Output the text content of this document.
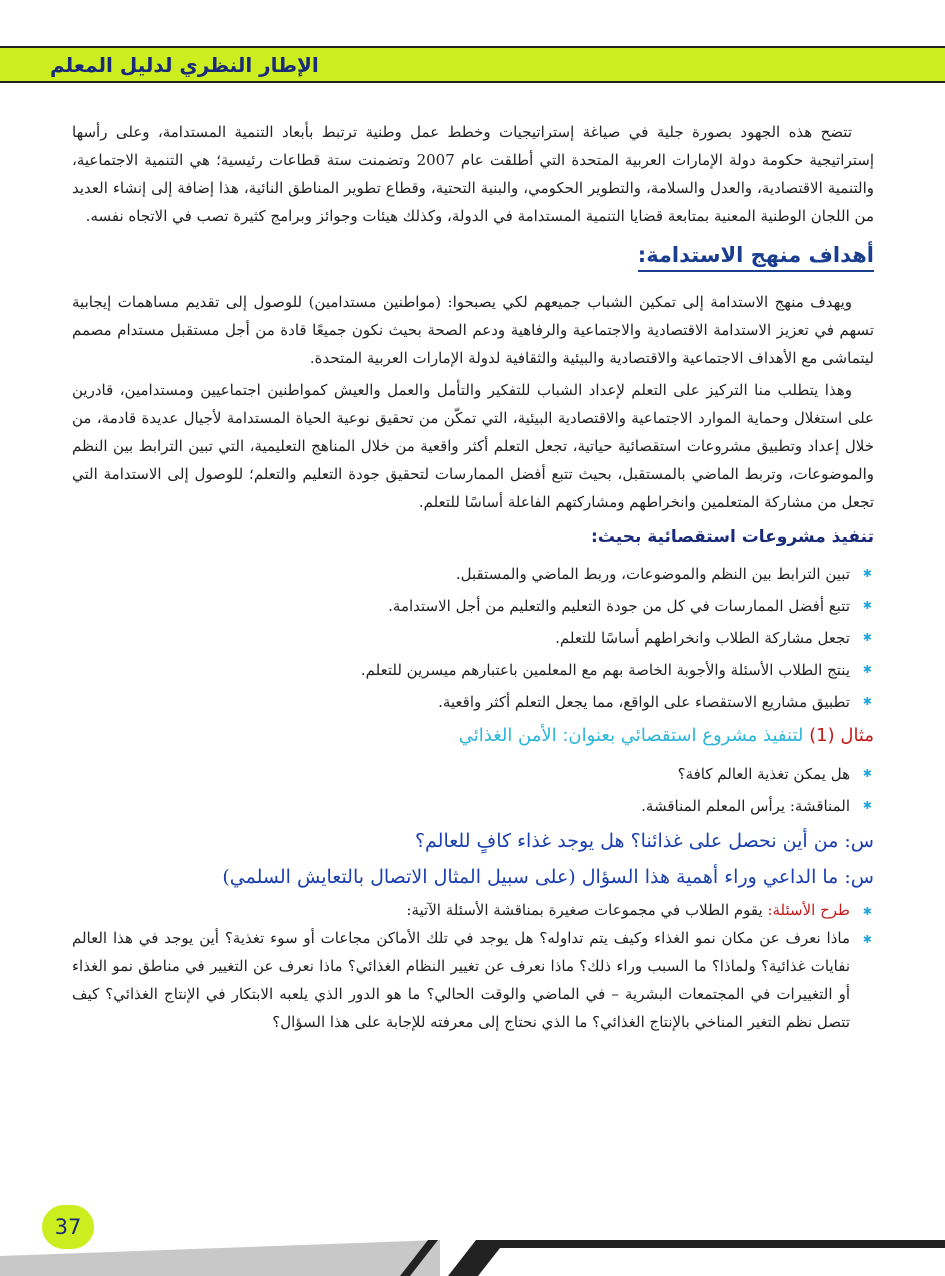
الإطار النظري لدليل المعلم

تتضح هذه الجهود بصورة جلية في صياغة إستراتيجيات وخطط عمل وطنية ترتبط بأبعاد التنمية المستدامة، وعلى رأسها إستراتيجية حكومة دولة الإمارات العربية المتحدة التي أطلقت عام 2007 وتضمنت ستة قطاعات رئيسية؛ هي التنمية الاجتماعية، والتنمية الاقتصادية، والعدل والسلامة، والتطوير الحكومي، والبنية التحتية، وقطاع تطوير المناطق النائية، هذا إضافة إلى إنشاء العديد من اللجان الوطنية المعنية بمتابعة قضايا التنمية المستدامة في الدولة، وكذلك هيئات وجوائز وبرامج كثيرة تصب في الاتجاه نفسه.

أهداف منهج الاستدامة:

ويهدف منهج الاستدامة إلى تمكين الشباب جميعهم لكي يصبحوا: (مواطنين مستدامين) للوصول إلى تقديم مساهمات إيجابية تسهم في تعزيز الاستدامة الاقتصادية والاجتماعية والرفاهية ودعم الصحة بحيث نكون جميعًا قادة من أجل مستقبل مستدام مصمم ليتماشى مع الأهداف الاجتماعية والاقتصادية والبيئية والثقافية لدولة الإمارات العربية المتحدة.

وهذا يتطلب منا التركيز على التعلم لإعداد الشباب للتفكير والتأمل والعمل والعيش كمواطنين اجتماعيين ومستدامين، قادرين على استغلال وحماية الموارد الاجتماعية والاقتصادية البيئية، التي تمكّن من تحقيق نوعية الحياة المستدامة لأجيال عديدة قادمة، من خلال إعداد وتطبيق مشروعات استقصائية حياتية، تجعل التعلم أكثر واقعية من خلال المناهج التعليمية، التي تبين الترابط بين النظم والموضوعات، وتربط الماضي بالمستقبل، بحيث تتبع أفضل الممارسات لتحقيق جودة التعليم والتعلم؛ للوصول إلى الاستدامة التي تجعل من مشاركة المتعلمين وانخراطهم ومشاركتهم الفاعلة أساسًا للتعلم.

تنفيذ مشروعات استقصائية بحيث:
✱
تبين الترابط بين النظم والموضوعات، وربط الماضي والمستقبل.
✱
تتبع أفضل الممارسات في كل من جودة التعليم والتعليم من أجل الاستدامة.
✱
تجعل مشاركة الطلاب وانخراطهم أساسًا للتعلم.
✱
ينتج الطلاب الأسئلة والأجوبة الخاصة بهم مع المعلمين باعتبارهم ميسرين للتعلم.
✱
تطبيق مشاريع الاستقصاء على الواقع، مما يجعل التعلم أكثر واقعية.
مثال (1) لتنفيذ مشروع استقصائي بعنوان: الأمن الغذائي
✱
هل يمكن تغذية العالم كافة؟
✱
المناقشة: يرأس المعلم المناقشة.
س: من أين نحصل على غذائنا؟ هل يوجد غذاء كافٍ للعالم؟
س: ما الداعي وراء أهمية هذا السؤال (على سبيل المثال الاتصال بالتعايش السلمي)
✱
طرح الأسئلة: يقوم الطلاب في مجموعات صغيرة بمناقشة الأسئلة الآتية:
✱
ماذا نعرف عن مكان نمو الغذاء وكيف يتم تداوله؟ هل يوجد في تلك الأماكن مجاعات أو سوء تغذية؟ أين يوجد في هذا العالم نفايات غذائية؟ ولماذا؟ ما السبب وراء ذلك؟ ماذا نعرف عن تغيير النظام الغذائي؟ ماذا نعرف عن التغيير في مناطق نمو الغذاء أو التغييرات في المجتمعات البشرية – في الماضي والوقت الحالي؟ ما هو الدور الذي يلعبه الابتكار في الإنتاج الغذائي؟ كيف تتصل نظم التغير المناخي بالإنتاج الغذائي؟ ما الذي نحتاج إلى معرفته للإجابة على هذا السؤال؟
37
